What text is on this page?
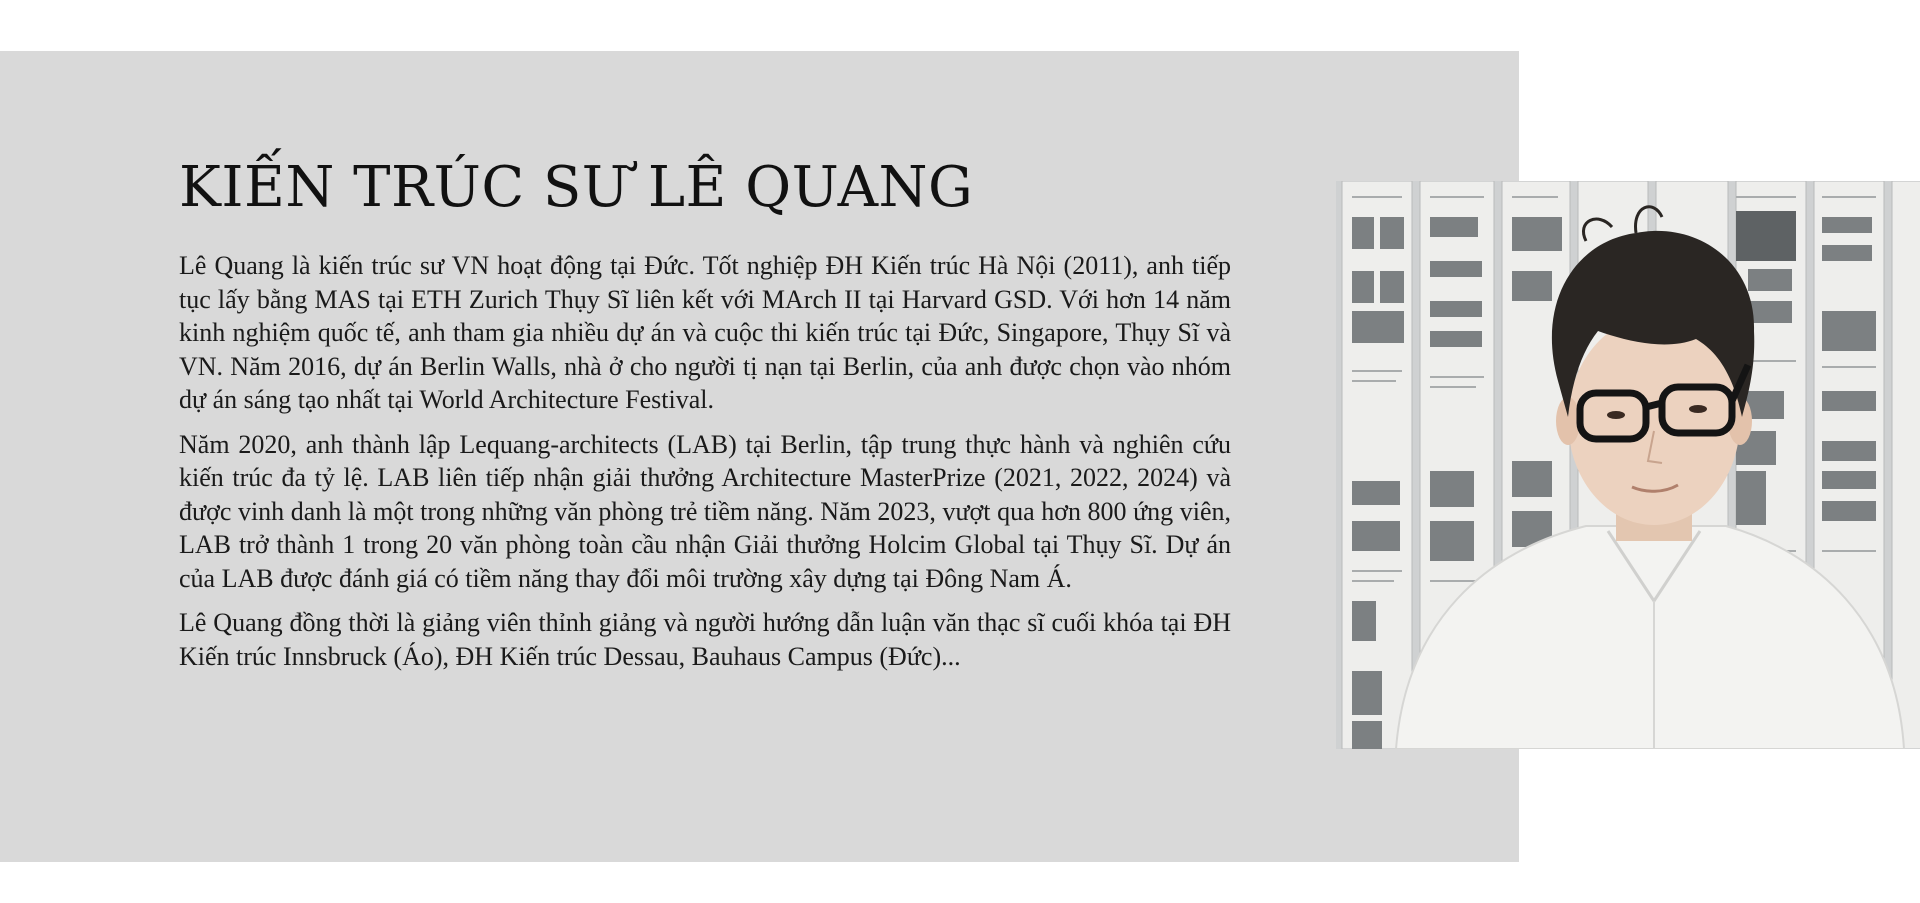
KIẾN TRÚC SƯ LÊ QUANG

Lê Quang là kiến trúc sư VN hoạt động tại Đức. Tốt nghiệp ĐH Kiến trúc Hà Nội (2011), anh tiếp tục lấy bằng MAS tại ETH Zurich Thụy Sĩ liên kết với MArch II tại Harvard GSD. Với hơn 14 năm kinh nghiệm quốc tế, anh tham gia nhiều dự án và cuộc thi kiến trúc tại Đức, Singapore, Thụy Sĩ và VN. Năm 2016, dự án Berlin Walls, nhà ở cho người tị nạn tại Berlin, của anh được chọn vào nhóm dự án sáng tạo nhất tại World Architecture Festival.

Năm 2020, anh thành lập Lequang-architects (LAB) tại Berlin, tập trung thực hành và nghiên cứu kiến trúc đa tỷ lệ. LAB liên tiếp nhận giải thưởng Architecture MasterPrize (2021, 2022, 2024) và được vinh danh là một trong những văn phòng trẻ tiềm năng. Năm 2023, vượt qua hơn 800 ứng viên, LAB trở thành 1 trong 20 văn phòng toàn cầu nhận Giải thưởng Holcim Global tại Thụy Sĩ. Dự án của LAB được đánh giá có tiềm năng thay đổi môi trường xây dựng tại Đông Nam Á.

Lê Quang đồng thời là giảng viên thỉnh giảng và người hướng dẫn luận văn thạc sĩ cuối khóa tại ĐH Kiến trúc Innsbruck (Áo), ĐH Kiến trúc Dessau, Bauhaus Campus (Đức)...
